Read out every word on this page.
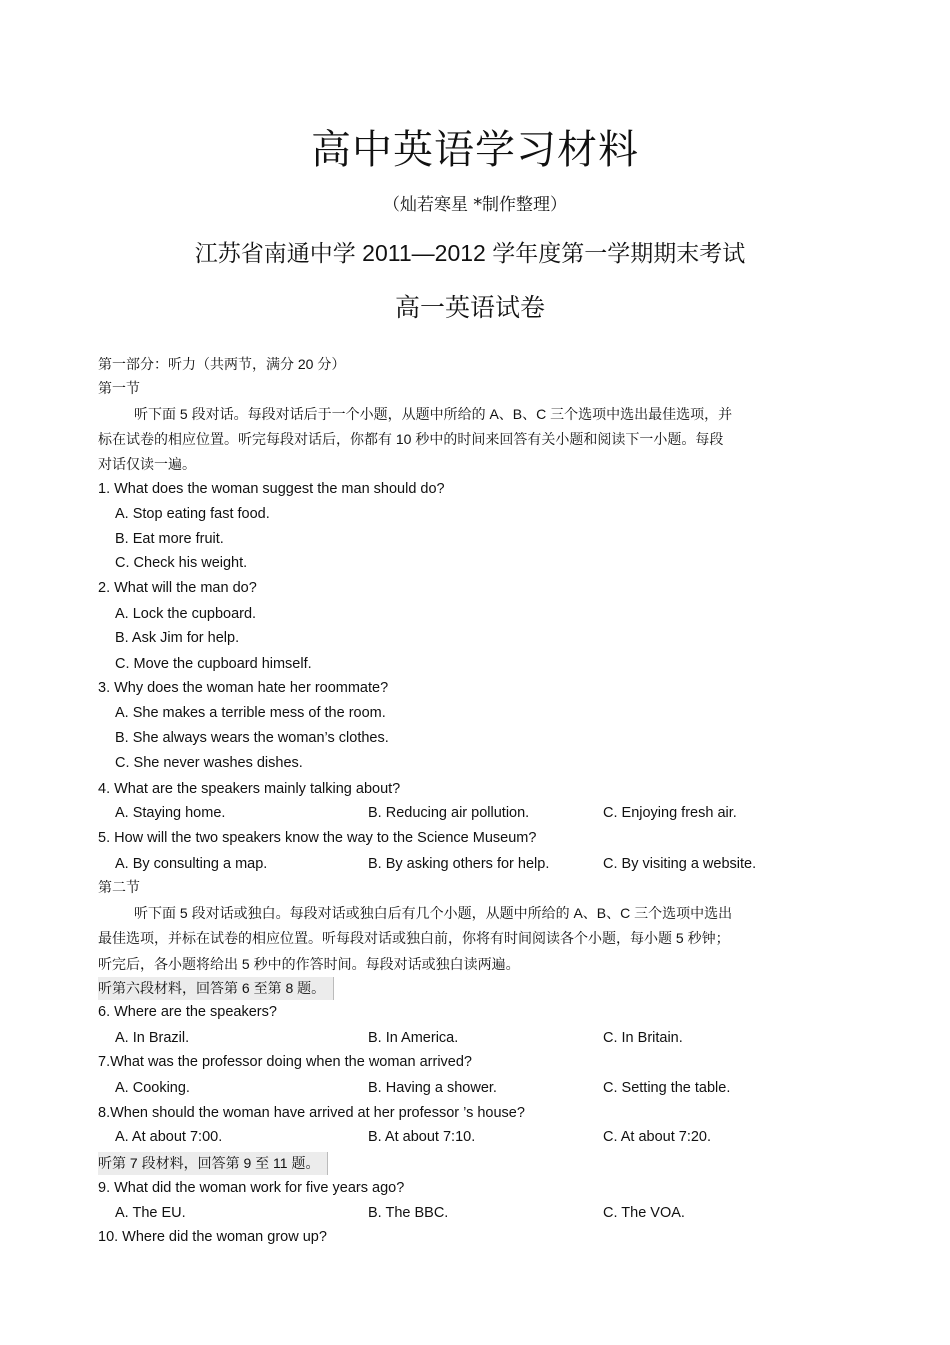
高中英语学习材料
（灿若寒星 *制作整理）
江苏省南通中学 2011—2012 学年度第一学期期末考试
高一英语试卷
第一部分：听力（共两节，满分 20 分）
第一节
听下面 5 段对话。每段对话后于一个小题，从题中所给的 A、B、C 三个选项中选出最佳选项，并
标在试卷的相应位置。听完每段对话后，你都有 10 秒中的时间来回答有关小题和阅读下一小题。每段
对话仅读一遍。
1. What does the woman suggest the man should do?
A. Stop eating fast food.
B. Eat more fruit.
C. Check his weight.
2. What will the man do?
A. Lock the cupboard.
B. Ask Jim for help.
C. Move the cupboard himself.
3. Why does the woman hate her roommate?
A. She makes a terrible mess of the room.
B. She always wears the woman’s clothes.
C. She never washes dishes.
4. What are the speakers mainly talking about?
A. Staying home.	B. Reducing air pollution.	C. Enjoying fresh air.
5. How will the two speakers know the way to the Science Museum?
A. By consulting a map.	B. By asking others for help.	C. By visiting a website.
第二节
听下面 5 段对话或独白。每段对话或独白后有几个小题，从题中所给的 A、B、C 三个选项中选出
最佳选项，并标在试卷的相应位置。听每段对话或独白前，你将有时间阅读各个小题，每小题 5 秒钟；
听完后，各小题将给出 5 秒中的作答时间。每段对话或独白读两遍。
听第六段材料，回答第 6 至第 8 题。
6. Where are the speakers?
A. In Brazil.	B. In America.	C. In Britain.
7.What was the professor doing when the woman arrived?
A. Cooking.	B. Having a shower.	C. Setting the table.
8.When should the woman have arrived at her professor ’s house?
A. At about 7:00.	B. At about 7:10.	C. At about 7:20.
听第 7 段材料，回答第 9 至 11 题。
9. What did the woman work for five years ago?
A. The EU.	B. The BBC.	C. The VOA.
10. Where did the woman grow up?
